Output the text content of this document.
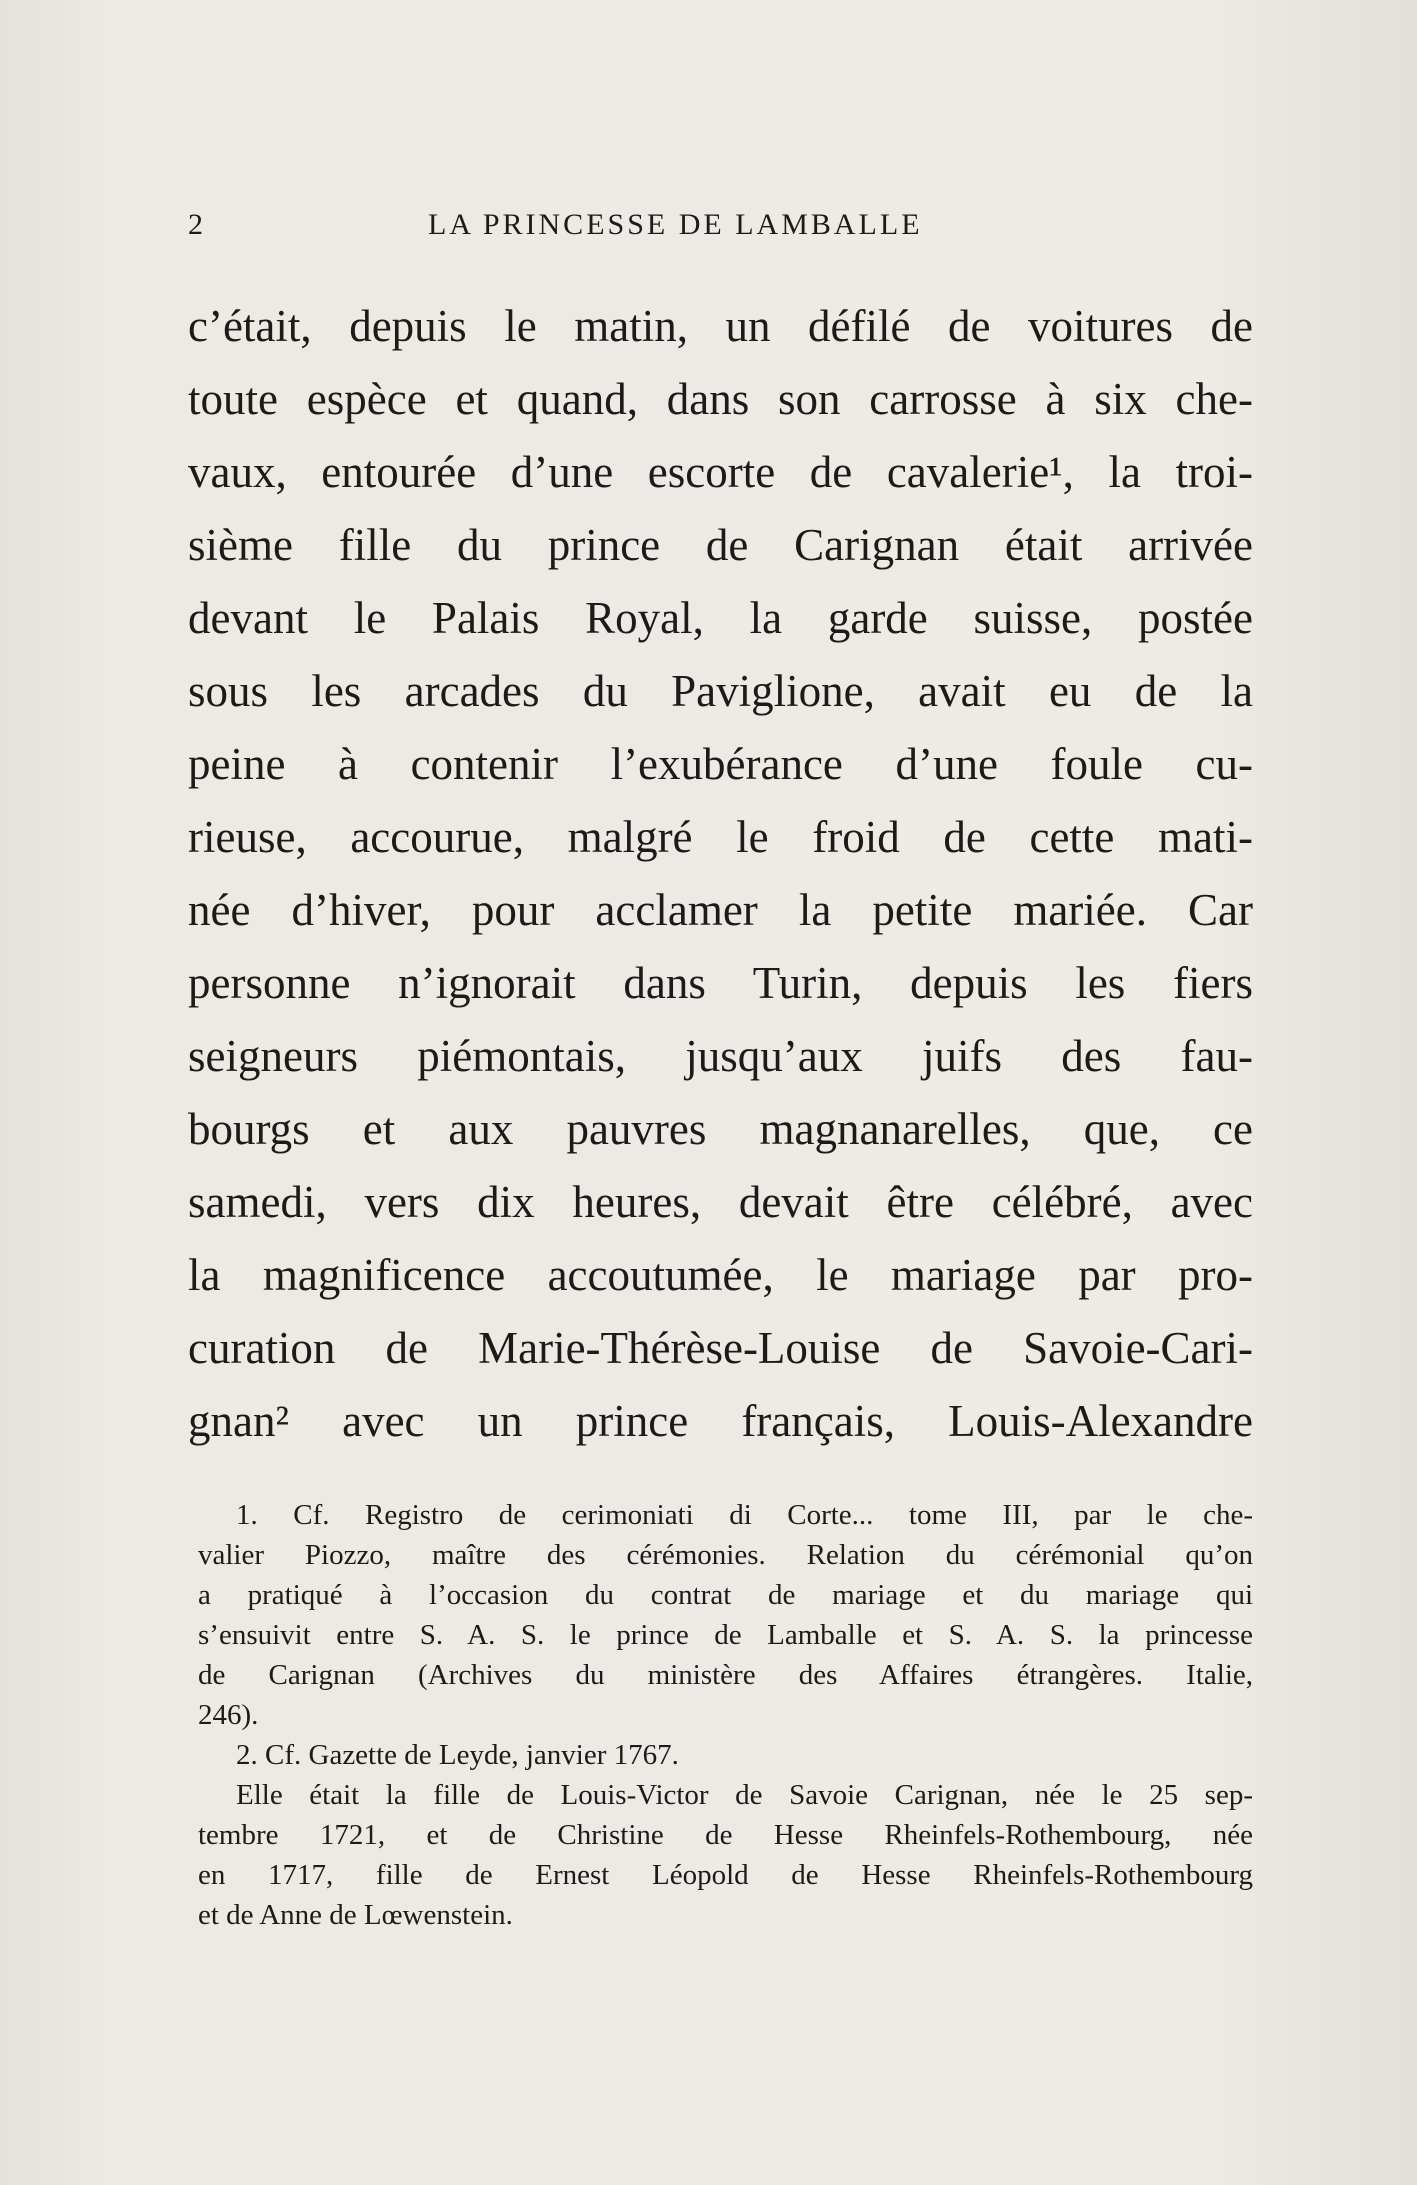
2	LA PRINCESSE DE LAMBALLE
c’était, depuis le matin, un défilé de voitures de
toute espèce et quand, dans son carrosse à six che-
vaux, entourée d’une escorte de cavalerie¹, la troi-
sième fille du prince de Carignan était arrivée
devant le Palais Royal, la garde suisse, postée
sous les arcades du Paviglione, avait eu de la
peine à contenir l’exubérance d’une foule cu-
rieuse, accourue, malgré le froid de cette mati-
née d’hiver, pour acclamer la petite mariée. Car
personne n’ignorait dans Turin, depuis les fiers
seigneurs piémontais, jusqu’aux juifs des fau-
bourgs et aux pauvres magnanarelles, que, ce
samedi, vers dix heures, devait être célébré, avec
la magnificence accoutumée, le mariage par pro-
curation de Marie-Thérèse-Louise de Savoie-Cari-
gnan² avec un prince français, Louis-Alexandre
1. Cf. Registro de cerimoniati di Corte... tome III, par le che-
valier Piozzo, maître des cérémonies. Relation du cérémonial qu’on
a pratiqué à l’occasion du contrat de mariage et du mariage qui
s’ensuivit entre S. A. S. le prince de Lamballe et S. A. S. la princesse
de Carignan (Archives du ministère des Affaires étrangères. Italie,
246).
2. Cf. Gazette de Leyde, janvier 1767.
Elle était la fille de Louis-Victor de Savoie Carignan, née le 25 sep-
tembre 1721, et de Christine de Hesse Rheinfels-Rothembourg, née
en 1717, fille de Ernest Léopold de Hesse Rheinfels-Rothembourg
et de Anne de Lœwenstein.
